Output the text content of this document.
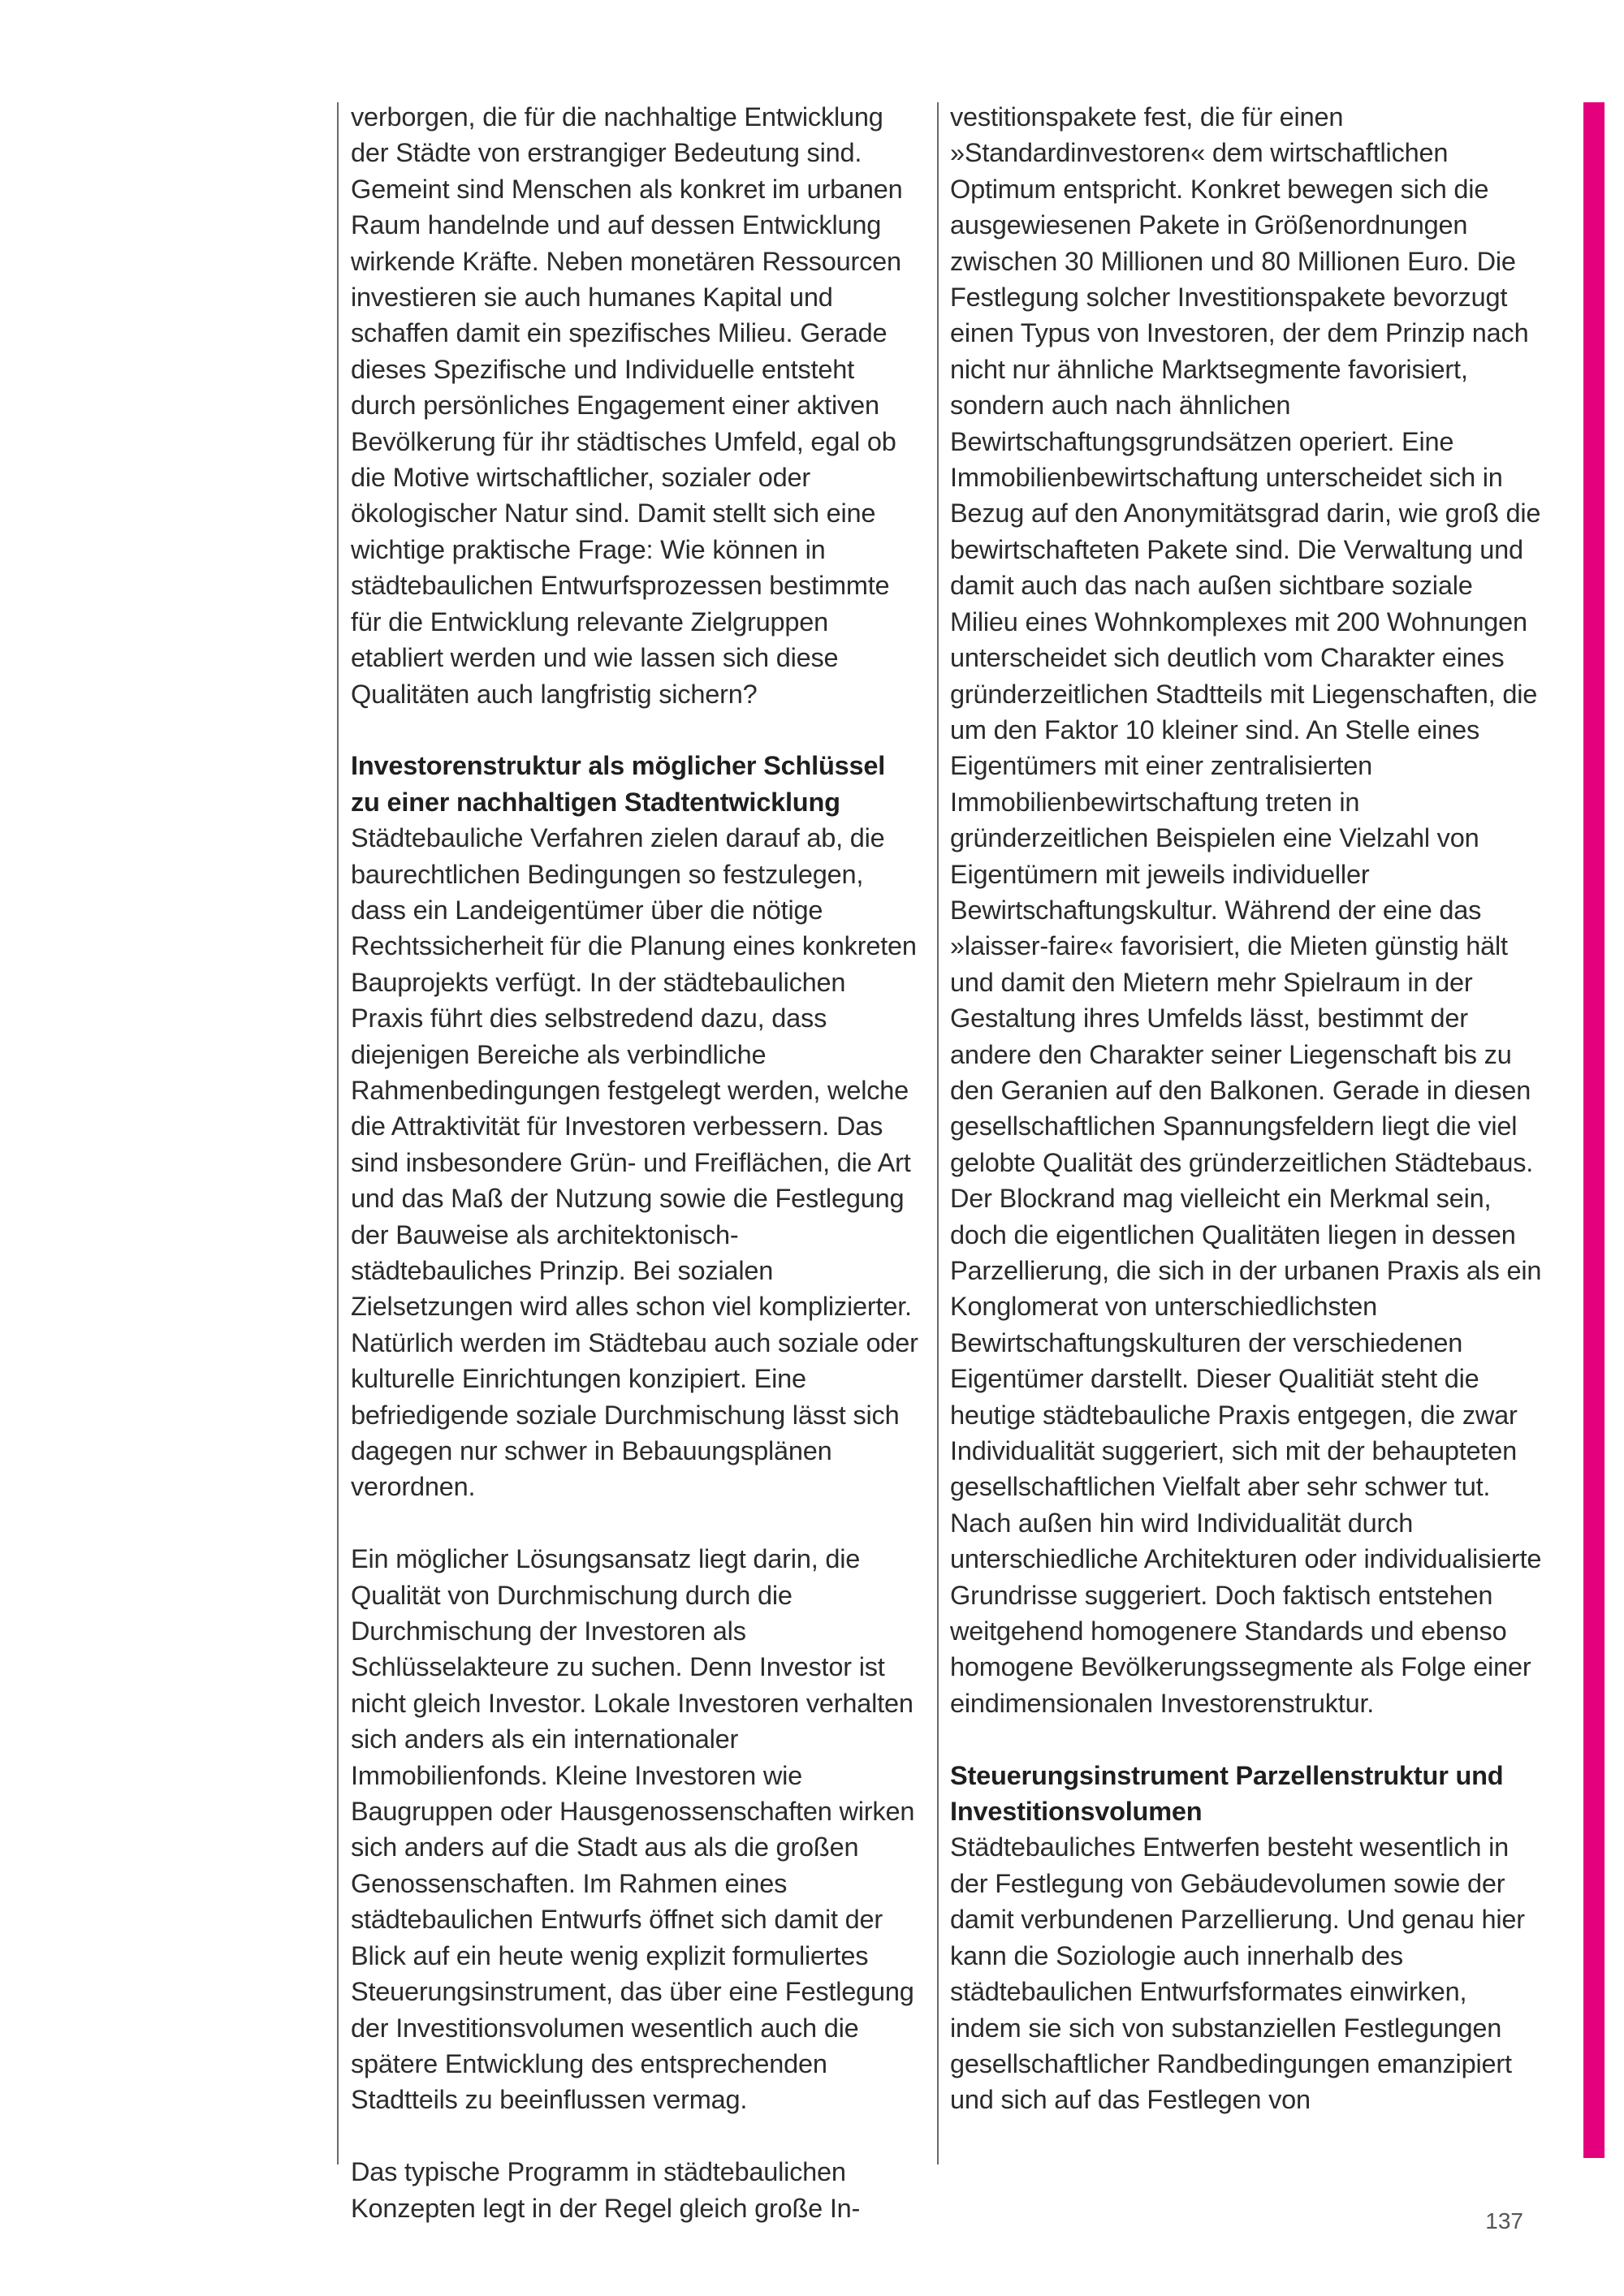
verborgen, die für die nachhaltige Entwicklung der Städte von erstrangiger Bedeutung sind. Gemeint sind Menschen als konkret im urbanen Raum handelnde und auf dessen Entwicklung wirkende Kräfte. Neben monetären Ressourcen investieren sie auch humanes Kapital und schaffen damit ein spezifisches Milieu. Gerade dieses Spezifische und Individuelle entsteht durch persönliches Engagement einer aktiven Bevölkerung für ihr städtisches Umfeld, egal ob die Motive wirtschaftlicher, sozialer oder ökologischer Natur sind. Damit stellt sich eine wichtige praktische Frage: Wie können in städtebaulichen Entwurfsprozessen bestimmte für die Entwicklung relevante Zielgruppen etabliert werden und wie lassen sich diese Qualitäten auch langfristig sichern?

Investorenstruktur als möglicher Schlüssel zu einer nachhaltigen Stadtentwicklung

Städtebauliche Verfahren zielen darauf ab, die baurechtlichen Bedingungen so festzulegen, dass ein Landeigentümer über die nötige Rechtssicherheit für die Planung eines konkreten Bauprojekts verfügt. In der städtebaulichen Praxis führt dies selbstredend dazu, dass diejenigen Bereiche als verbindliche Rahmenbedingungen festgelegt werden, welche die Attraktivität für Investoren verbessern. Das sind insbesondere Grün- und Freiflächen, die Art und das Maß der Nutzung sowie die Festlegung der Bauweise als architektonisch-städtebauliches Prinzip. Bei sozialen Zielsetzungen wird alles schon viel komplizierter. Natürlich werden im Städtebau auch soziale oder kulturelle Einrichtungen konzipiert. Eine befriedigende soziale Durchmischung lässt sich dagegen nur schwer in Bebauungsplänen verordnen.

Ein möglicher Lösungsansatz liegt darin, die Qualität von Durchmischung durch die Durchmischung der Investoren als Schlüsselakteure zu suchen. Denn Investor ist nicht gleich Investor. Lokale Investoren verhalten sich anders als ein internationaler Immobilienfonds. Kleine Investoren wie Baugruppen oder Hausgenossenschaften wirken sich anders auf die Stadt aus als die großen Genossenschaften. Im Rahmen eines städtebaulichen Entwurfs öffnet sich damit der Blick auf ein heute wenig explizit formuliertes Steuerungsinstrument, das über eine Festlegung der Investitionsvolumen wesentlich auch die spätere Entwicklung des entsprechenden Stadtteils zu beeinflussen vermag.

Das typische Programm in städtebaulichen Konzepten legt in der Regel gleich große In-

vestitionspakete fest, die für einen »Standardinvestoren« dem wirtschaftlichen Optimum entspricht. Konkret bewegen sich die ausgewiesenen Pakete in Größenordnungen zwischen 30 Millionen und 80 Millionen Euro. Die Festlegung solcher Investitionspakete bevorzugt einen Typus von Investoren, der dem Prinzip nach nicht nur ähnliche Marktsegmente favorisiert, sondern auch nach ähnlichen Bewirtschaftungsgrundsätzen operiert. Eine Immobilienbewirtschaftung unterscheidet sich in Bezug auf den Anonymitätsgrad darin, wie groß die bewirtschafteten Pakete sind. Die Verwaltung und damit auch das nach außen sichtbare soziale Milieu eines Wohnkomplexes mit 200 Wohnungen unterscheidet sich deutlich vom Charakter eines gründerzeitlichen Stadtteils mit Liegenschaften, die um den Faktor 10 kleiner sind. An Stelle eines Eigentümers mit einer zentralisierten Immobilienbewirtschaftung treten in gründerzeitlichen Beispielen eine Vielzahl von Eigentümern mit jeweils individueller Bewirtschaftungskultur. Während der eine das »laisser-faire« favorisiert, die Mieten günstig hält und damit den Mietern mehr Spielraum in der Gestaltung ihres Umfelds lässt, bestimmt der andere den Charakter seiner Liegenschaft bis zu den Geranien auf den Balkonen. Gerade in diesen gesellschaftlichen Spannungsfeldern liegt die viel gelobte Qualität des gründerzeitlichen Städtebaus. Der Blockrand mag vielleicht ein Merkmal sein, doch die eigentlichen Qualitäten liegen in dessen Parzellierung, die sich in der urbanen Praxis als ein Konglomerat von unterschiedlichsten Bewirtschaftungskulturen der verschiedenen Eigentümer darstellt. Dieser Qualitiät steht die heutige städtebauliche Praxis entgegen, die zwar Individualität suggeriert, sich mit der behaupteten gesellschaftlichen Vielfalt aber sehr schwer tut. Nach außen hin wird Individualität durch unterschiedliche Architekturen oder individualisierte Grundrisse suggeriert. Doch faktisch entstehen weitgehend homogenere Standards und ebenso homogene Bevölkerungssegmente als Folge einer eindimensionalen Investorenstruktur.

Steuerungsinstrument Parzellenstruktur und Investitionsvolumen

Städtebauliches Entwerfen besteht wesentlich in der Festlegung von Gebäudevolumen sowie der damit verbundenen Parzellierung. Und genau hier kann die Soziologie auch innerhalb des städtebaulichen Entwurfsformates einwirken, indem sie sich von substanziellen Festlegungen gesellschaftlicher Randbedingungen emanzipiert und sich auf das Festlegen von

137
